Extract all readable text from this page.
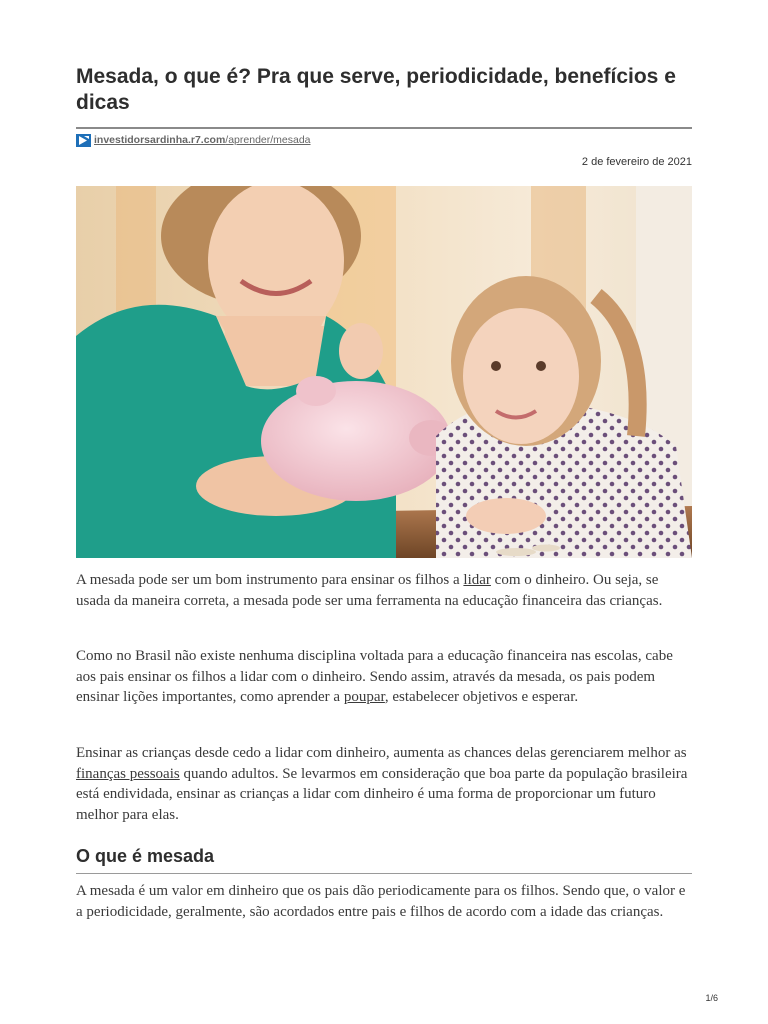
Mesada, o que é? Pra que serve, periodicidade, benefícios e dicas
investidorsardinha.r7.com/aprender/mesada
2 de fevereiro de 2021

A mesada pode ser um bom instrumento para ensinar os filhos a lidar com o dinheiro. Ou seja, se usada da maneira correta, a mesada pode ser uma ferramenta na educação financeira das crianças.

Como no Brasil não existe nenhuma disciplina voltada para a educação financeira nas escolas, cabe aos pais ensinar os filhos a lidar com o dinheiro. Sendo assim, através da mesada, os pais podem ensinar lições importantes, como aprender a poupar, estabelecer objetivos e esperar.

Ensinar as crianças desde cedo a lidar com dinheiro, aumenta as chances delas gerenciarem melhor as finanças pessoais quando adultos. Se levarmos em consideração que boa parte da população brasileira está endividada, ensinar as crianças a lidar com dinheiro é uma forma de proporcionar um futuro melhor para elas.

O que é mesada

A mesada é um valor em dinheiro que os pais dão periodicamente para os filhos. Sendo que, o valor e a periodicidade, geralmente, são acordados entre pais e filhos de acordo com a idade das crianças.

1/6
